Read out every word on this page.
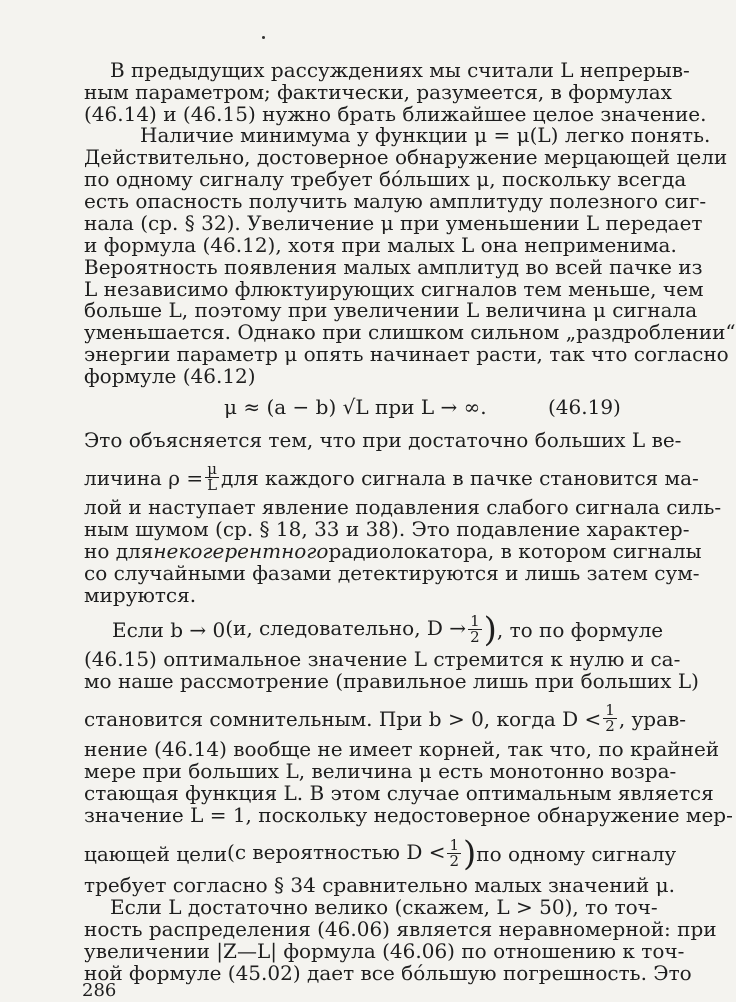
В предыдущих рассуждениях мы считали L непрерыв-
ным параметром; фактически, разумеется, в формулах
(46.14) и (46.15) нужно брать ближайшее целое значение.
Наличие минимума у функции μ = μ(L) легко понять.
Действительно, достоверное обнаружение мерцающей цели
по одному сигналу требует бóльших μ, поскольку всегда
есть опасность получить малую амплитуду полезного сиг-
нала (ср. § 32). Увеличение μ при уменьшении L передает
и формула (46.12), хотя при малых L она неприменима.
Вероятность появления малых амплитуд во всей пачке из
L независимо флюктуирующих сигналов тем меньше, чем
больше L, поэтому при увеличении L величина μ сигнала
уменьшается. Однако при слишком сильном „раздроблении“
энергии параметр μ опять начинает расти, так что согласно
формуле (46.12)
μ ≈ (a − b) √L при L → ∞.	(46.19)
Это объясняется тем, что при достаточно больших L ве-
личина $\rho = \frac{\mu}{L}$ для каждого сигнала в пачке становится ма-
лой и наступает явление подавления слабого сигнала силь-
ным шумом (ср. § 18, 33 и 38). Это подавление характер-
но для некогерентного радиолокатора, в котором сигналы
со случайными фазами детектируются и лишь затем сум-
мируются.
Если b → 0 (и, следовательно, $D \to \frac{1}{2}$ ) , то по формуле
(46.15) оптимальное значение L стремится к нулю и са-
мо наше рассмотрение (правильное лишь при больших L)
становится сомнительным. При b > 0, когда $D < \frac{1}{2}$ , урав-
нение (46.14) вообще не имеет корней, так что, по крайней
мере при больших L, величина μ есть монотонно возра-
стающая функция L. В этом случае оптимальным является
значение L = 1, поскольку недостоверное обнаружение мер-
цающей цели (с вероятностью $D < \frac{1}{2}$ ) по одному сигналу
требует согласно § 34 сравнительно малых значений μ.
Если L достаточно велико (скажем, L > 50), то точ-
ность распределения (46.06) является неравномерной: при
увеличении |Z—L| формула (46.06) по отношению к точ-
ной формуле (45.02) дает все бóльшую погрешность. Это
286
